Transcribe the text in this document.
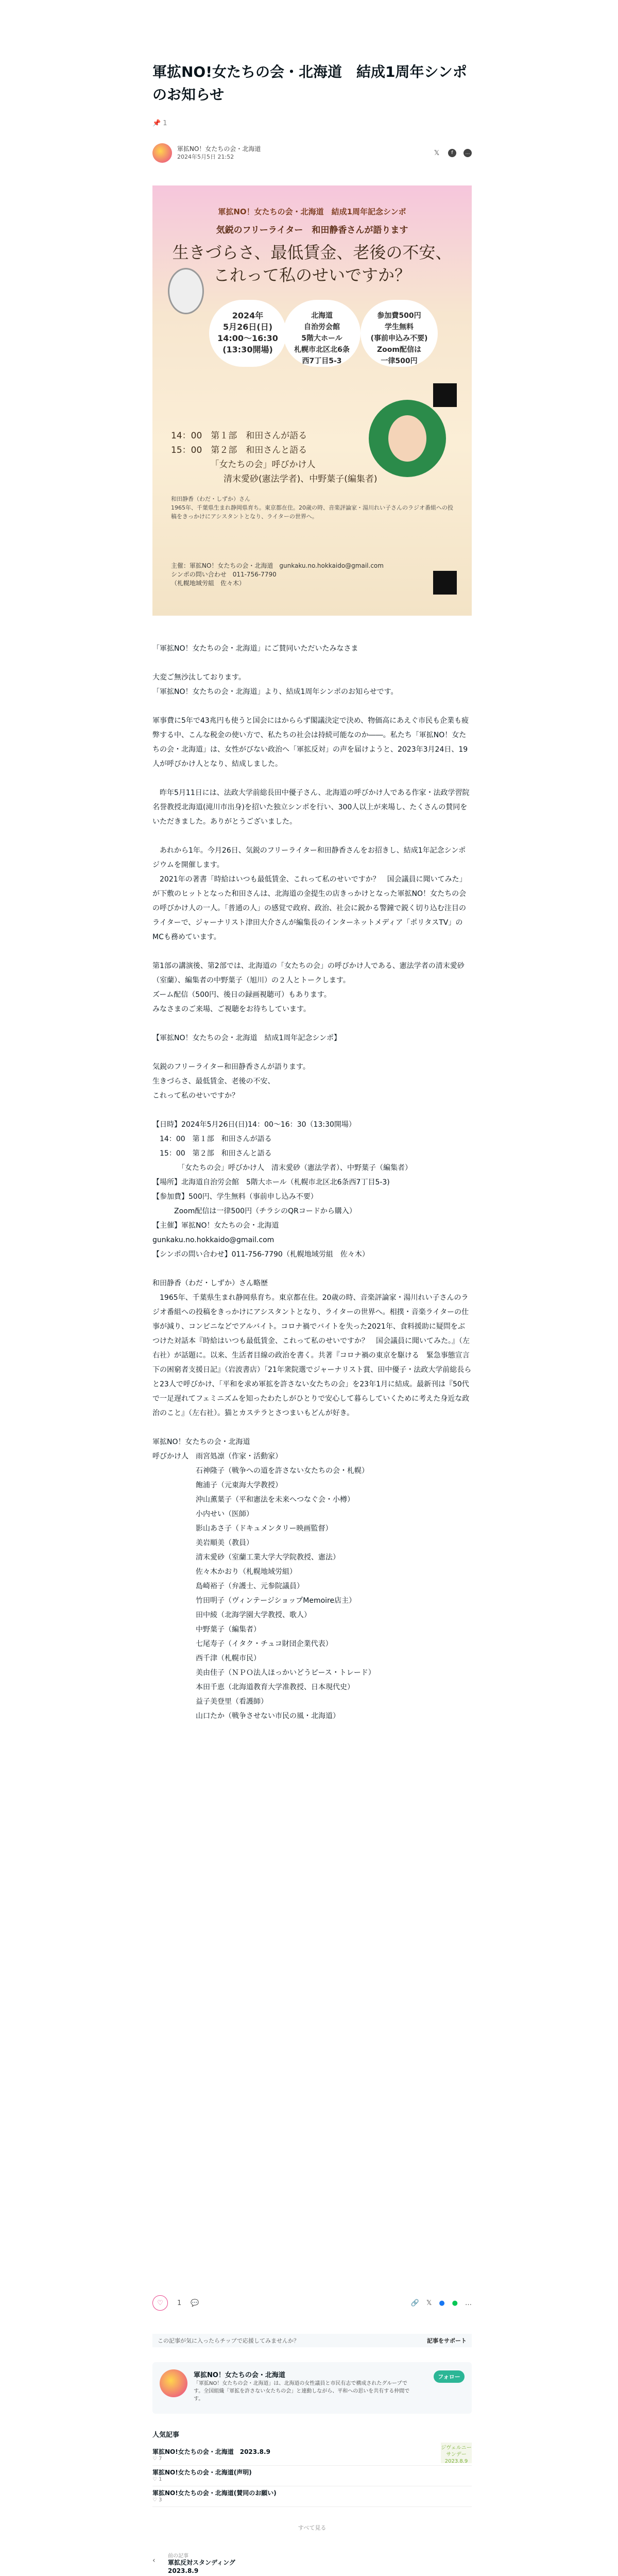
軍拡NO!女たちの会・北海道　結成1周年シンポのお知らせ
📌 1
軍拡NO！女たちの会・北海道
2024年5月5日 21:52	𝕏	f	…
軍拡NO！女たちの会・北海道　結成1周年記念シンポ
気鋭のフリーライター　和田静香さんが語ります
生きづらさ、最低賃金、老後の不安、
これって私のせいですか？
2024年
5月26日(日)
14:00〜16:30
(13:30開場)
北海道
自治労会館
5階大ホール
札幌市北区北6条
西7丁目5-3
参加費500円
学生無料
(事前申込み不要)
Zoom配信は
一律500円
14：00　第１部　和田さんが語る
15：00　第２部　和田さんと語る
　　　　　「女たちの会」呼びかけ人
　　　　　　清末愛砂(憲法学者)、中野葉子(編集者)
和田静香（わだ・しずか）さん
1965年、千葉県生まれ静岡県育ち。東京都在住。20歳の時、音楽評論家・湯川れい子さんのラジオ番組への投稿をきっかけにアシスタントとなり、ライターの世界へ。
主催：軍拡NO！女たちの会・北海道　gunkaku.no.hokkaido@gmail.com
シンポの問い合わせ　011-756-7790
（札幌地域労組　佐々木）

「軍拡NO！女たちの会・北海道」にご賛同いただいたみなさま

大変ご無沙汰しております。
「軍拡NO！女たちの会・北海道」より、結成1周年シンポのお知らせです。

軍事費に5年で43兆円も使うと国会にはかららず閣議決定で決め、物価高にあえぐ市民も企業も疲弊する中、こんな税金の使い方で、私たちの社会は持続可能なのか――。私たち「軍拡NO！女たちの会・北海道」は、女性がびない政治へ「軍拡反対」の声を届けようと、2023年3月24日、19人が呼びかけ人となり、結成しました。

　昨年5月11日には、法政大学前総長田中優子さん、北海道の呼びかけ人である作家・法政学習院名誉教授北海道(滝川市出身)を招いた独立シンポを行い、300人以上が来場し、たくさんの賛同をいただきました。ありがとうございました。

　あれから1年。今月26日、気鋭のフリーライター和田静香さんをお招きし、結成1年記念シンポジウムを開催します。
　2021年の著書「時給はいつも最低賃金、これって私のせいですか？　国会議員に聞いてみた」が下敷のヒットとなった和田さんは、北海道の金提生の店きっかけとなった軍拡NO！女たちの会の呼びかけ人の一人。「普通の人」の感覚で政府、政治、社会に鋭かる警鐘で鋭く切り込む注目のライターで、ジャーナリスト津田大介さんが編集長のインターネットメディア「ポリタスTV」のMCも務めています。

第1部の講演後、第2部では、北海道の「女たちの会」の呼びかけ人である、憲法学者の清末愛砂（室蘭）、編集者の中野葉子（旭川）の２人とトークします。
ズーム配信（500円、後日の録画視聴可）もあります。
みなさまのご来場、ご視聴をお待ちしています。

【軍拡NO！女たちの会・北海道　結成1周年記念シンポ】

気鋭のフリーライター和田静香さんが語ります。
生きづらさ、最低賃金、老後の不安、
これって私のせいですか？

【日時】2024年5月26日(日)14：00〜16：30（13:30開場）
　14：00　第１部　和田さんが語る
　15：00　第２部　和田さんと語る
　　　　「女たちの会」呼びかけ人　清末愛砂（憲法学者）、中野葉子（編集者）
【場所】北海道自治労会館　5階大ホール（札幌市北区北6条西7丁目5-3)
【参加費】500円、学生無料（事前申し込み不要）
　　　Zoom配信は一律500円（チラシのQRコードから購入）
【主催】軍拡NO！女たちの会・北海道
gunkaku.no.hokkaido@gmail.com
【シンポの問い合わせ】011-756-7790（札幌地域労組　佐々木）

和田静香（わだ・しずか）さん略歴
　1965年、千葉県生まれ静岡県育ち。東京都在住。20歳の時、音楽評論家・湯川れい子さんのラジオ番組への投稿をきっかけにアシスタントとなり、ライターの世界へ。相撲・音楽ライターの仕事が減り、コンビニなどでアルバイト。コロナ禍でバイトを失った2021年、食料援助に疑問をぶつけた対話本『時給はいつも最低賃金、これって私のせいですか？　国会議員に聞いてみた。』（左右社）が話題に。以来、生活者目線の政治を書く。共著『コロナ禍の東京を駆ける　緊急事態宣言下の困窮者支援日記』（岩波書店）「21年衆院選でジャーナリスト賞、田中優子・法政大学前総長らと23人で呼びかけ、「平和を求め軍拡を許さない女たちの会」を23年1月に結成。最新刊は『50代で一足遅れてフェミニズムを知ったわたしがひとりで安心して暮らしていくために考えた身近な政治のこと』（左右社）。猫とカステラとさつまいもどんが好き。

軍拡NO！女たちの会・北海道
呼びかけ人　雨宮処凛（作家・活動家）
　　　　　　石神隆子（戦争への道を許さない女たちの会・札幌）
　　　　　　飽浦子（元東海大学教授）
　　　　　　沖山薫葉子（平和憲法を未来へつなぐ会・小樽）
　　　　　　小内せい（医師）
　　　　　　影山あさ子（ドキュメンタリー映画監督）
　　　　　　美岩順美（教員）
　　　　　　清末愛砂（室蘭工業大学大学院教授、憲法）
　　　　　　佐々木かおり（札幌地域労組）
　　　　　　島崎裕子（弁護士、元参院議員）
　　　　　　竹田明子（ヴィンテージショップMemoire店主）
　　　　　　田中綾（北海学園大学教授、歌人）
　　　　　　中野葉子（編集者）
　　　　　　七尾寿子（イタク・チュコ財団企業代表）
　　　　　　西千津（札幌市民）
　　　　　　美由佳子（ＮＰＯ法人ほっかいどうピース・トレード）
　　　　　　本田千恵（北海道教育大学准教授、日本現代史）
　　　　　　益子美登里（看護師）
　　　　　　山口たか（戦争させない市民の風・北海道）

♡	1 💬	🔗 𝕏 ● ● …
この記事が気に入ったらチップで応援してみませんか？	記事をサポート
軍拡NO！女たちの会・北海道
「軍拡NO！女たちの会・北海道」は、北海道の女性議員と市民有志で構成されたグループです。全国組織「軍拡を許さない女たちの会」と連動しながら、平和への思いを共有する仲間です。
フォロー
人気記事
軍拡NO!女たちの会・北海道　2023.8.9
♡ 7
軍拡NO!女たちの会・北海道(声明)
♡ 1
軍拡NO!女たちの会・北海道(賛同のお願い)
♡ 3
ジヴェルニー
サンデー
2023.8.9
すべて見る
‹
前の記事
軍拡反対スタンディング
2023.8.9
